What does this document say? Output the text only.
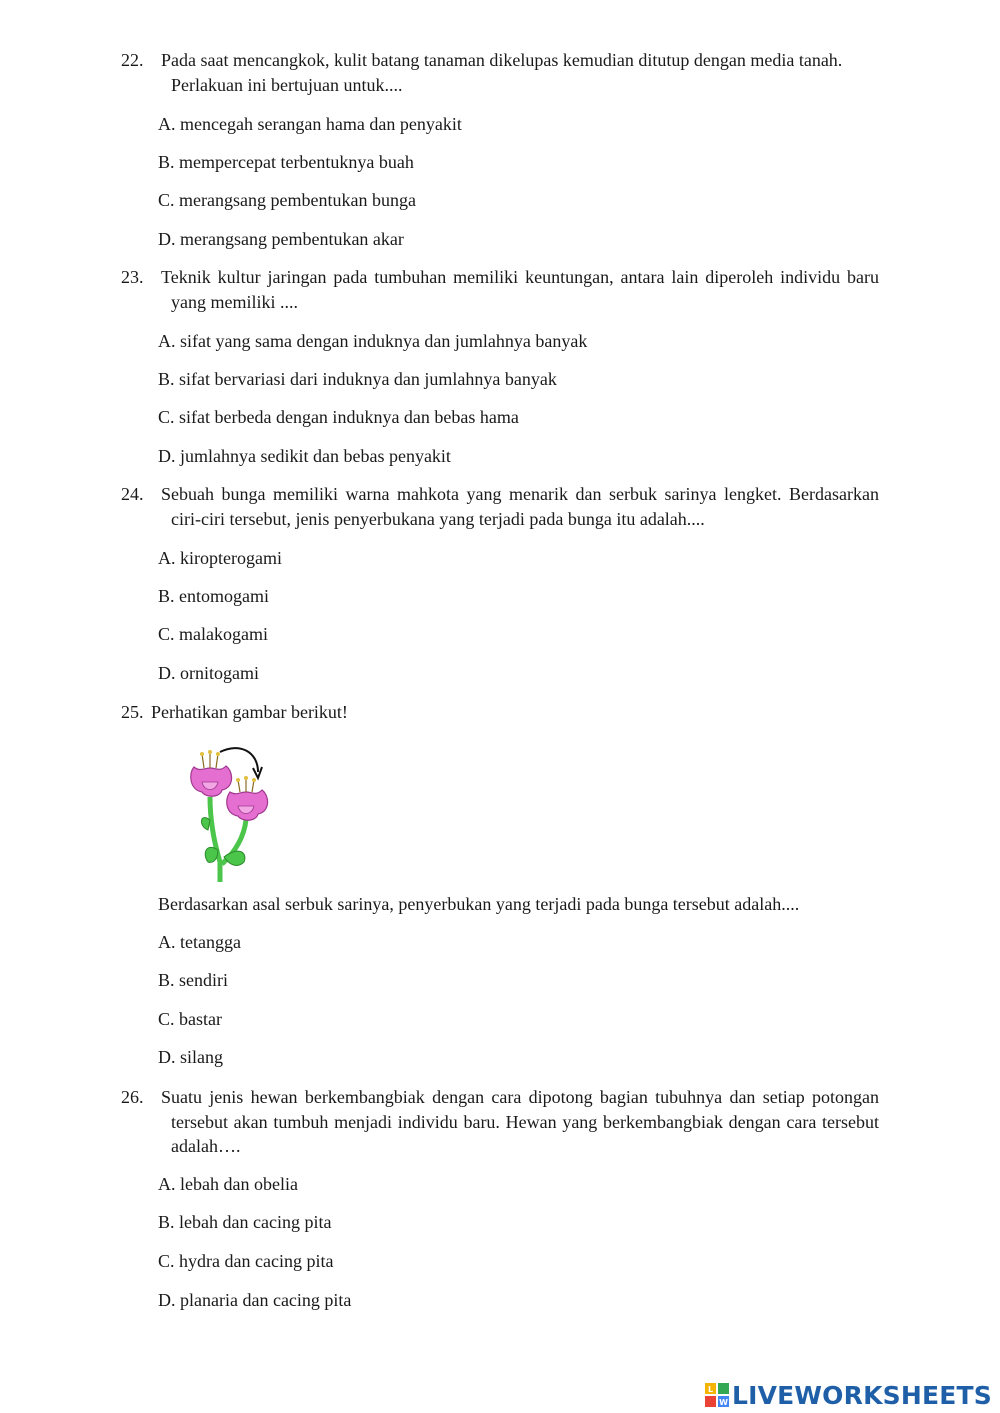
22. Pada saat mencangkok, kulit batang tanaman dikelupas kemudian ditutup dengan media tanah. Perlakuan ini bertujuan untuk....
A. mencegah serangan hama dan penyakit
B. mempercepat terbentuknya buah
C. merangsang pembentukan bunga
D. merangsang pembentukan akar
23. Teknik kultur jaringan pada tumbuhan memiliki keuntungan, antara lain diperoleh individu baru yang memiliki ....
A. sifat yang sama dengan induknya dan jumlahnya banyak
B. sifat bervariasi dari induknya dan jumlahnya banyak
C. sifat berbeda dengan induknya dan bebas hama
D. jumlahnya sedikit dan bebas penyakit
24. Sebuah bunga memiliki warna mahkota yang menarik dan serbuk sarinya lengket. Berdasarkan ciri-ciri tersebut, jenis penyerbukana yang terjadi pada bunga itu adalah....
A. kiropterogami
B. entomogami
C. malakogami
D. ornitogami
25. Perhatikan gambar berikut!
Berdasarkan asal serbuk sarinya, penyerbukan yang terjadi pada bunga tersebut adalah....
A. tetangga
B. sendiri
C. bastar
D. silang
26. Suatu jenis hewan berkembangbiak dengan cara dipotong bagian tubuhnya dan setiap potongan tersebut akan tumbuh menjadi individu baru. Hewan yang berkembangbiak dengan cara tersebut adalah….
A. lebah dan obelia
B. lebah dan cacing pita
C. hydra dan cacing pita
D. planaria dan cacing pita
L
W LIVEWORKSHEETS
